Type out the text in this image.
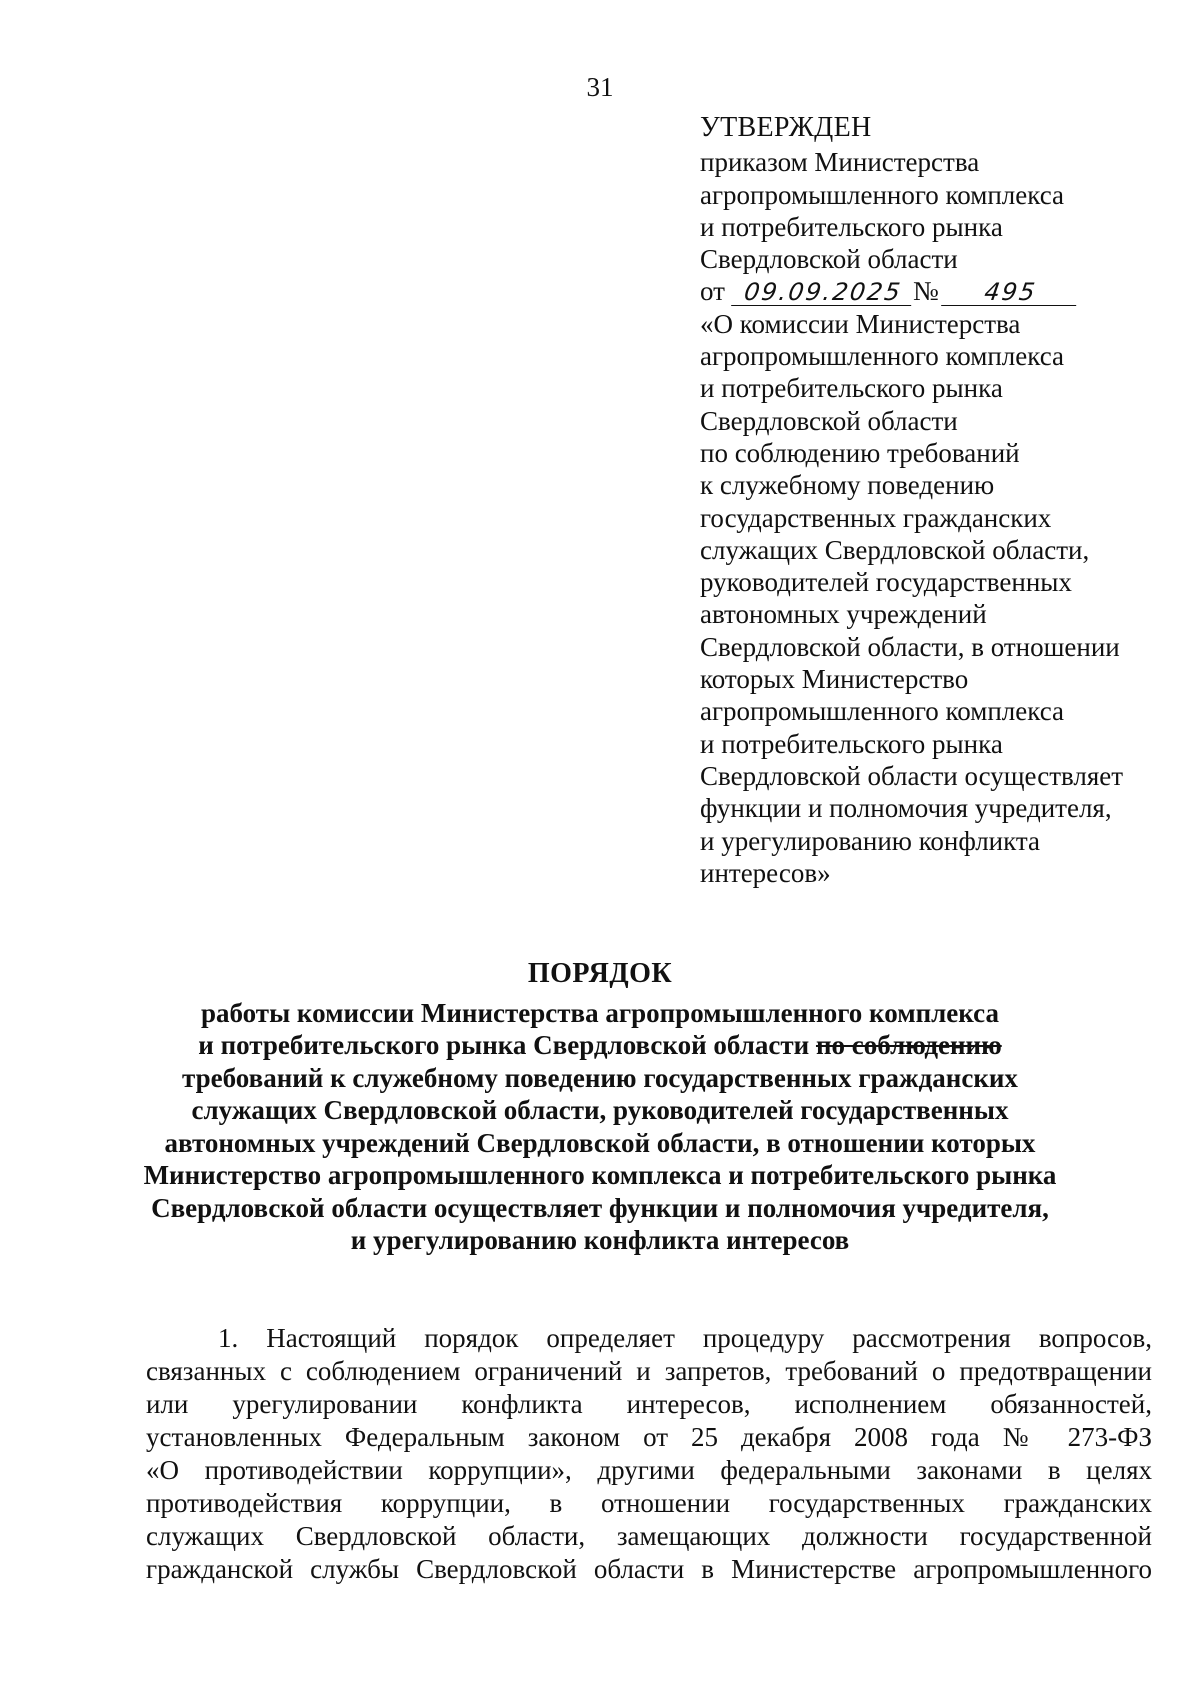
31
УТВЕРЖДЕН
приказом Министерства
агропромышленного комплекса
и потребительского рынка
Свердловской области
от 09.09.2025 № 495
«О комиссии Министерства
агропромышленного комплекса
и потребительского рынка
Свердловской области
по соблюдению требований
к служебному поведению
государственных гражданских
служащих Свердловской области,
руководителей государственных
автономных учреждений
Свердловской области, в отношении
которых Министерство
агропромышленного комплекса
и потребительского рынка
Свердловской области осуществляет
функции и полномочия учредителя,
и урегулированию конфликта
интересов»
ПОРЯДОК
работы комиссии Министерства агропромышленного комплекса
и потребительского рынка Свердловской области по соблюдению
требований к служебному поведению государственных гражданских
служащих Свердловской области, руководителей государственных
автономных учреждений Свердловской области, в отношении которых
Министерство агропромышленного комплекса и потребительского рынка
Свердловской области осуществляет функции и полномочия учредителя,
и урегулированию конфликта интересов
1. Настоящий порядок определяет процедуру рассмотрения вопросов,
связанных с соблюдением ограничений и запретов, требований о предотвращении
или урегулировании конфликта интересов, исполнением обязанностей,
установленных Федеральным законом от 25 декабря 2008 года № 273-ФЗ
«О противодействии коррупции», другими федеральными законами в целях
противодействия коррупции, в отношении государственных гражданских
служащих Свердловской области, замещающих должности государственной
гражданской службы Свердловской области в Министерстве агропромышленного
